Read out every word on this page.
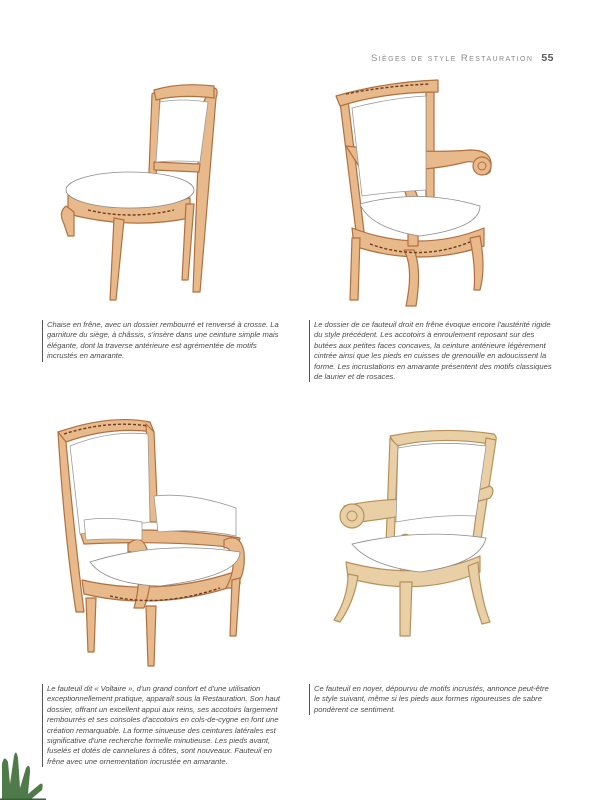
Sièges de style Restauration 55

Chaise en frêne, avec un dossier rembourré et renversé à crosse. La garniture du siège, à châssis, s'insère dans une ceinture simple mais élégante, dont la traverse antérieure est agrémentée de motifs incrustés en amarante.

Le dossier de ce fauteuil droit en frêne évoque encore l'austérité rigide du style précédent. Les accotoirs à enroulement reposant sur des butées aux petites faces concaves, la ceinture antérieure légèrement cintrée ainsi que les pieds en cuisses de grenouille en adoucissent la forme. Les incrustations en amarante présentent des motifs classiques de laurier et de rosaces.

Le fauteuil dit « Voltaire », d'un grand confort et d'une utilisation exceptionnellement pratique, apparaît sous la Restauration. Son haut dossier, offrant un excellent appui aux reins, ses accotoirs largement rembourrés et ses consoles d'accotoirs en cols-de-cygne en font une création remarquable. La forme sinueuse des ceintures latérales est significative d'une recherche formelle minutieuse. Les pieds avant, fuselés et dotés de cannelures à côtes, sont nouveaux. Fauteuil en frêne avec une ornementation incrustée en amarante.

Ce fauteuil en noyer, dépourvu de motifs incrustés, annonce peut-être le style suivant, même si les pieds aux formes rigoureuses de sabre pondèrent ce sentiment.
